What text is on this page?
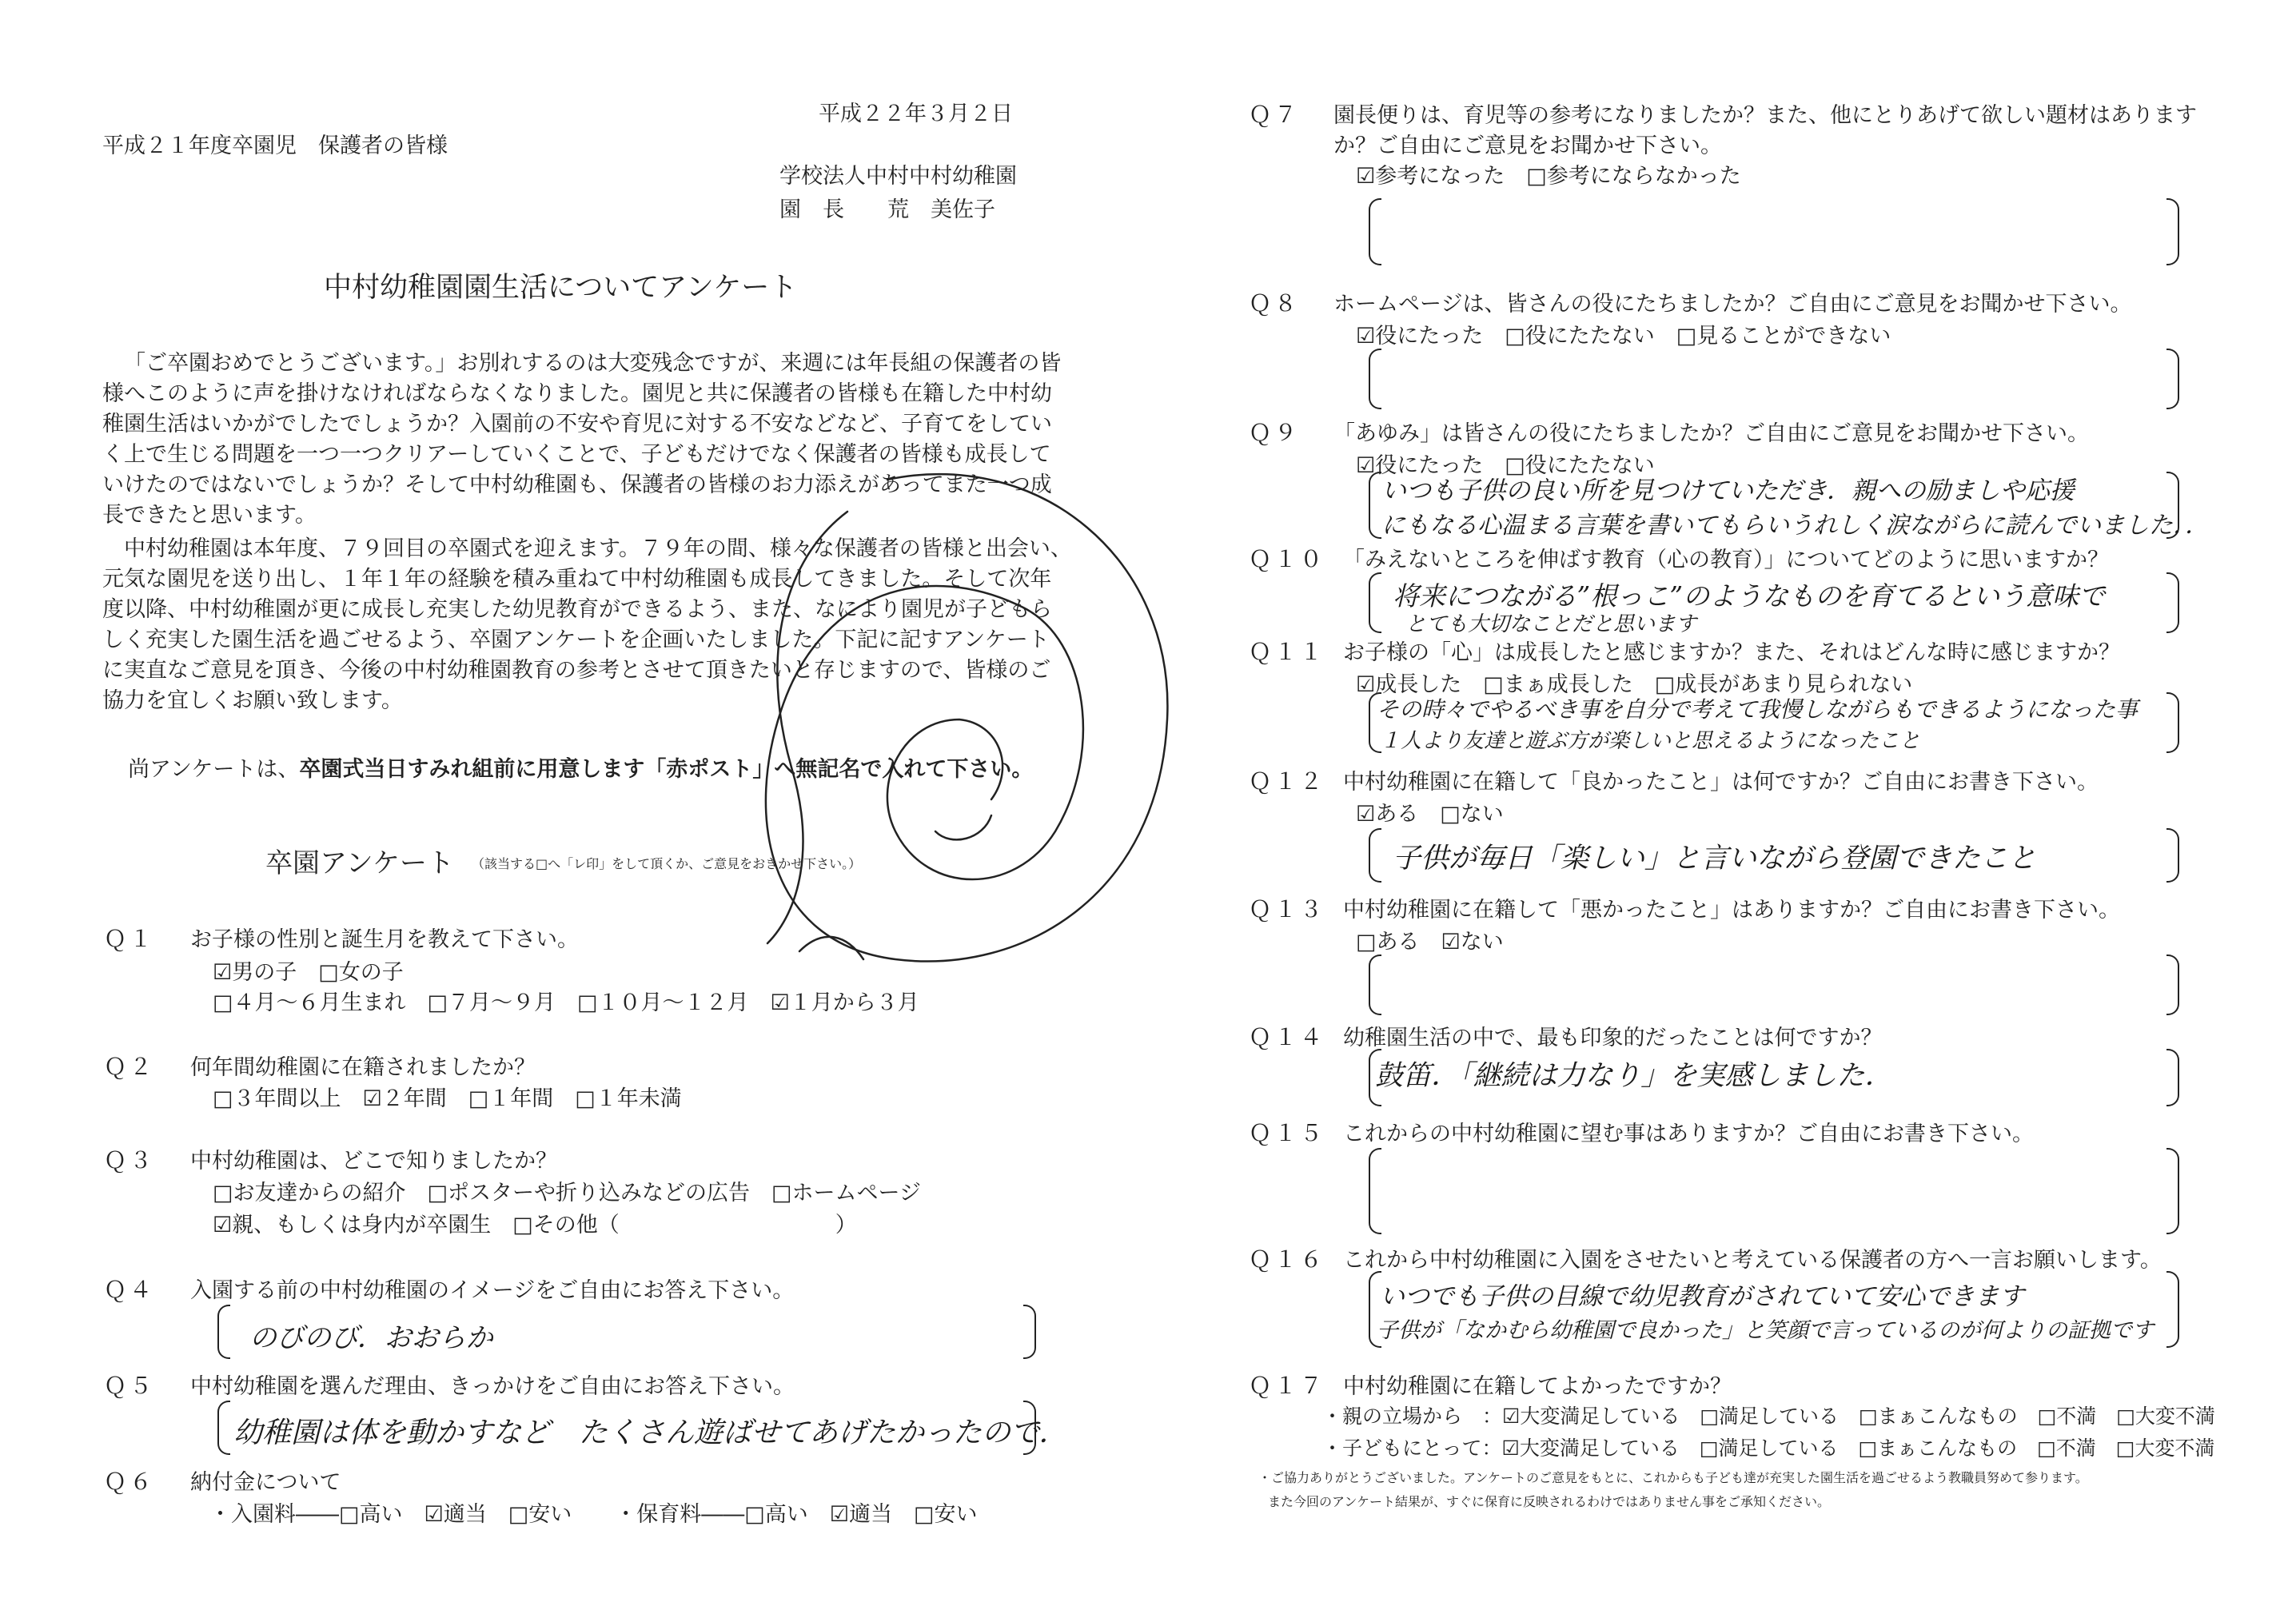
平成２２年３月２日
平成２１年度卒園児　保護者の皆様
学校法人中村中村幼稚園
園　長　　荒　美佐子
中村幼稚園園生活についてアンケート
「ご卒園おめでとうございます。」お別れするのは大変残念ですが、来週には年長組の保護者の皆
様へこのように声を掛けなければならなくなりました。園児と共に保護者の皆様も在籍した中村幼
稚園生活はいかがでしたでしょうか？入園前の不安や育児に対する不安などなど、子育てをしてい
く上で生じる問題を一つ一つクリアーしていくことで、子どもだけでなく保護者の皆様も成長して
いけたのではないでしょうか？そして中村幼稚園も、保護者の皆様のお力添えがあってまた一つ成
長できたと思います。
　中村幼稚園は本年度、７９回目の卒園式を迎えます。７９年の間、様々な保護者の皆様と出会い、
元気な園児を送り出し、１年１年の経験を積み重ねて中村幼稚園も成長してきました。そして次年
度以降、中村幼稚園が更に成長し充実した幼児教育ができるよう、また、なにより園児が子どもら
しく充実した園生活を過ごせるよう、卒園アンケートを企画いたしました。下記に記すアンケート
に実直なご意見を頂き、今後の中村幼稚園教育の参考とさせて頂きたいと存じますので、皆様のご
協力を宜しくお願い致します。
尚アンケートは、卒園式当日すみれ組前に用意します「赤ポスト」へ無記名で入れて下さい。
卒園アンケート （該当する□へ「レ印」をして頂くか、ご意見をおきかせ下さい。）
Ｑ１ お子様の性別と誕生月を教えて下さい。
☑男の子　□女の子
□４月～６月生まれ　□７月～９月　□１０月～１２月　☑１月から３月
Ｑ２ 何年間幼稚園に在籍されましたか？
□３年間以上　☑２年間　□１年間　□１年未満
Ｑ３ 中村幼稚園は、どこで知りましたか？
□お友達からの紹介　□ポスターや折り込みなどの広告　□ホームページ
☑親、もしくは身内が卒園生　□その他（　　　　　　　　　　）
Ｑ４ 入園する前の中村幼稚園のイメージをご自由にお答え下さい。
のびのび．おおらか
Ｑ５ 中村幼稚園を選んだ理由、きっかけをご自由にお答え下さい。
幼稚園は体を動かすなど　たくさん遊ばせてあげたかったので．
Ｑ６ 納付金について
・入園料――□高い　☑適当　□安い　　・保育料――□高い　☑適当　□安い
Ｑ７ 園長便りは、育児等の参考になりましたか？また、他にとりあげて欲しい題材はあります
か？ご自由にご意見をお聞かせ下さい。
☑参考になった　□参考にならなかった
Ｑ８ ホームページは、皆さんの役にたちましたか？ご自由にご意見をお聞かせ下さい。
☑役にたった　□役にたたない　□見ることができない
Ｑ９ 「あゆみ」は皆さんの役にたちましたか？ご自由にご意見をお聞かせ下さい。
☑役にたった　□役にたたない
いつも子供の良い所を見つけていただき．親への励ましや応援
にもなる心温まる言葉を書いてもらいうれしく涙ながらに読んでいました．．
Ｑ１０ 「みえないところを伸ばす教育（心の教育）」についてどのように思いますか？
将来につながる”根っこ”のようなものを育てるという意味で
とても大切なことだと思います
Ｑ１１ お子様の「心」は成長したと感じますか？また、それはどんな時に感じますか？
☑成長した　□まぁ成長した　□成長があまり見られない
その時々でやるべき事を自分で考えて我慢しながらもできるようになった事
１人より友達と遊ぶ方が楽しいと思えるようになったこと
Ｑ１２ 中村幼稚園に在籍して「良かったこと」は何ですか？ご自由にお書き下さい。
☑ある　□ない
子供が毎日「楽しい」と言いながら登園できたこと
Ｑ１３ 中村幼稚園に在籍して「悪かったこと」はありますか？ご自由にお書き下さい。
□ある　☑ない
Ｑ１４ 幼稚園生活の中で、最も印象的だったことは何ですか？
鼓笛．「継続は力なり」を実感しました．
Ｑ１５ これからの中村幼稚園に望む事はありますか？ご自由にお書き下さい。
Ｑ１６ これから中村幼稚園に入園をさせたいと考えている保護者の方へ一言お願いします。
いつでも子供の目線で幼児教育がされていて安心できます
子供が「なかむら幼稚園で良かった」と笑顔で言っているのが何よりの証拠です
Ｑ１７ 中村幼稚園に在籍してよかったですか？
・親の立場から　：☑大変満足している　□満足している　□まぁこんなもの　□不満　□大変不満
・子どもにとって：☑大変満足している　□満足している　□まぁこんなもの　□不満　□大変不満
・ご協力ありがとうございました。アンケートのご意見をもとに、これからも子ども達が充実した園生活を過ごせるよう教職員努めて参ります。
また今回のアンケート結果が、すぐに保育に反映されるわけではありません事をご承知ください。
